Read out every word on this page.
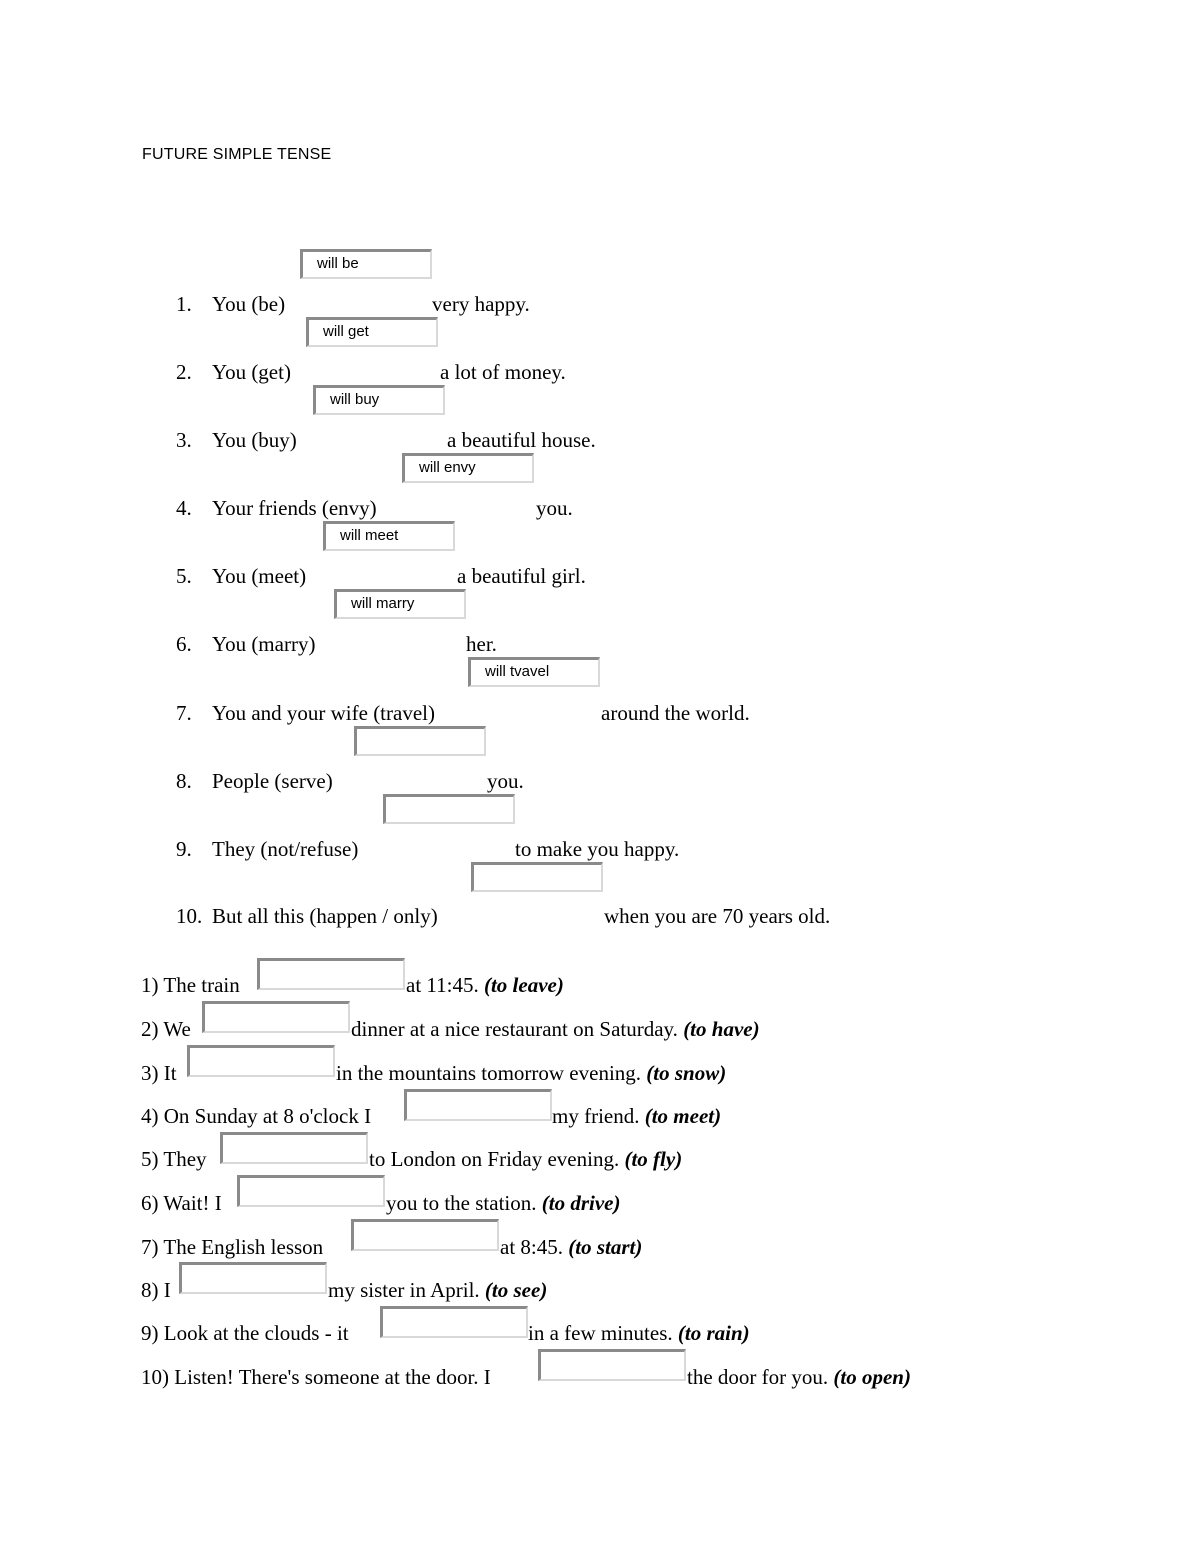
FUTURE SIMPLE TENSE
1. You (be)	very happy.
will be
2. You (get)	a lot of money.
will get
3. You (buy)	a beautiful house.
will buy
4. Your friends (envy)	you.
will envy
5. You (meet)	a beautiful girl.
will meet
6. You (marry)	her.
will marry
7. You and your wife (travel)	around the world.
will tvavel
8. People (serve)	you.
9. They (not/refuse)	to make you happy.
10. But all this (happen / only)	when you are 70 years old.
1) The train	at 11:45. (to leave)
2) We	dinner at a nice restaurant on Saturday. (to have)
3) It	in the mountains tomorrow evening. (to snow)
4) On Sunday at 8 o'clock I	my friend. (to meet)
5) They	to London on Friday evening. (to fly)
6) Wait! I	you to the station. (to drive)
7) The English lesson	at 8:45. (to start)
8) I	my sister in April. (to see)
9) Look at the clouds - it	in a few minutes. (to rain)
10) Listen! There's someone at the door. I	the door for you. (to open)
